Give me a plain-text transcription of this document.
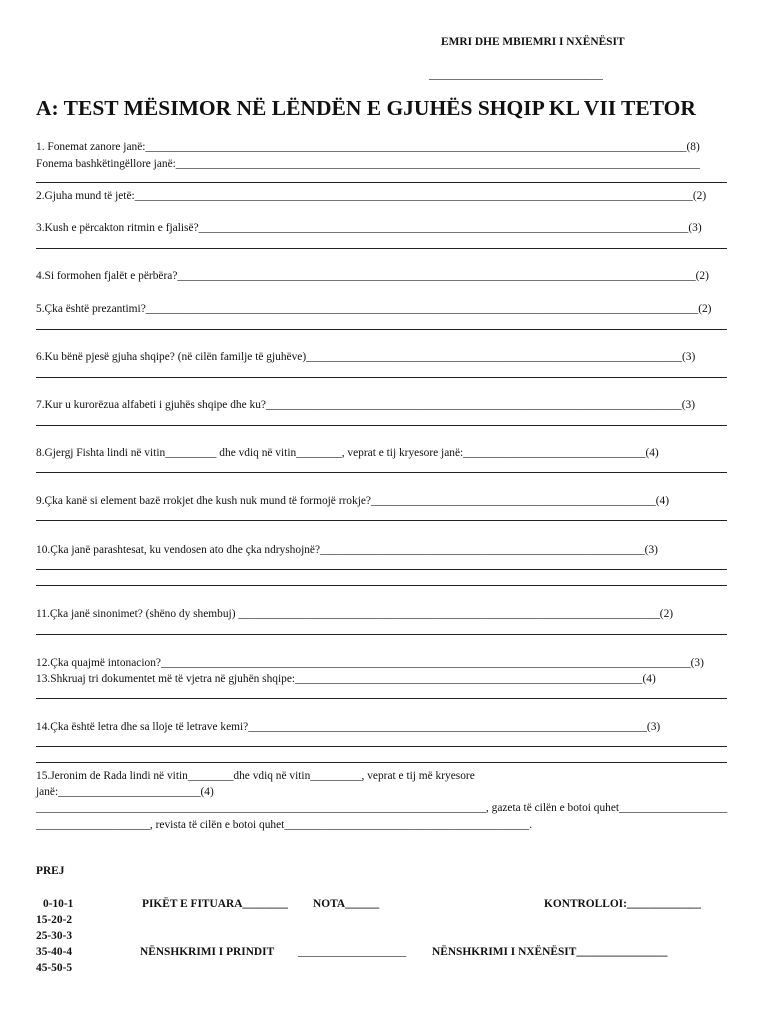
EMRI DHE MBIEMRI I NXËNËSIT
______________________________
A: TEST MËSIMOR NË LËNDËN E GJUHËS SHQIP KL VII TETOR
1. Fonemat zanore janë:_______________________________________________________________________________________________(8)
Fonema bashkëtingëllore janë:____________________________________________________________________________________________
2.Gjuha mund të jetë:__________________________________________________________________________________________________(2)
3.Kush e përcakton ritmin e fjalisë?______________________________________________________________________________________(3)
4.Si formohen fjalët e përbëra?___________________________________________________________________________________________(2)
5.Çka është prezantimi?_________________________________________________________________________________________________(2)
6.Ku bënë pjesë gjuha shqipe? (në cilën familje të gjuhëve)__________________________________________________________________(3)
7.Kur u kurorëzua alfabeti i gjuhës shqipe dhe ku?_________________________________________________________________________(3)
8.Gjergj Fishta lindi në vitin_________ dhe vdiq në vitin________, veprat e tij kryesore janë:________________________________(4)
9.Çka kanë si element bazë rrokjet dhe kush nuk mund të formojë rrokje?__________________________________________________(4)
10.Çka janë parashtesat, ku vendosen ato dhe çka ndryshojnë?_________________________________________________________(3)
11.Çka janë sinonimet? (shëno dy shembuj) __________________________________________________________________________(2)
12.Çka quajmë intonacion?_____________________________________________________________________________________________(3)
13.Shkruaj tri dokumentet më të vjetra në gjuhën shqipe:_____________________________________________________________(4)
14.Çka është letra dhe sa lloje të letrave kemi?______________________________________________________________________(3)
15.Jeronim de Rada lindi në vitin________dhe vdiq në vitin_________, veprat e tij më kryesore
janë:_________________________(4)
_______________________________________________________________________________, gazeta të cilën e botoi quhet___________________
____________________, revista të cilën e botoi quhet___________________________________________.
PREJ
0-10-1
15-20-2
25-30-3
35-40-4
45-50-5
PIKËT E FITUARA________ NOTA______	KONTROLLOI:_____________
NËNSHKRIMI I PRINDIT ___________________ NËNSHKRIMI I NXËNËSIT________________
